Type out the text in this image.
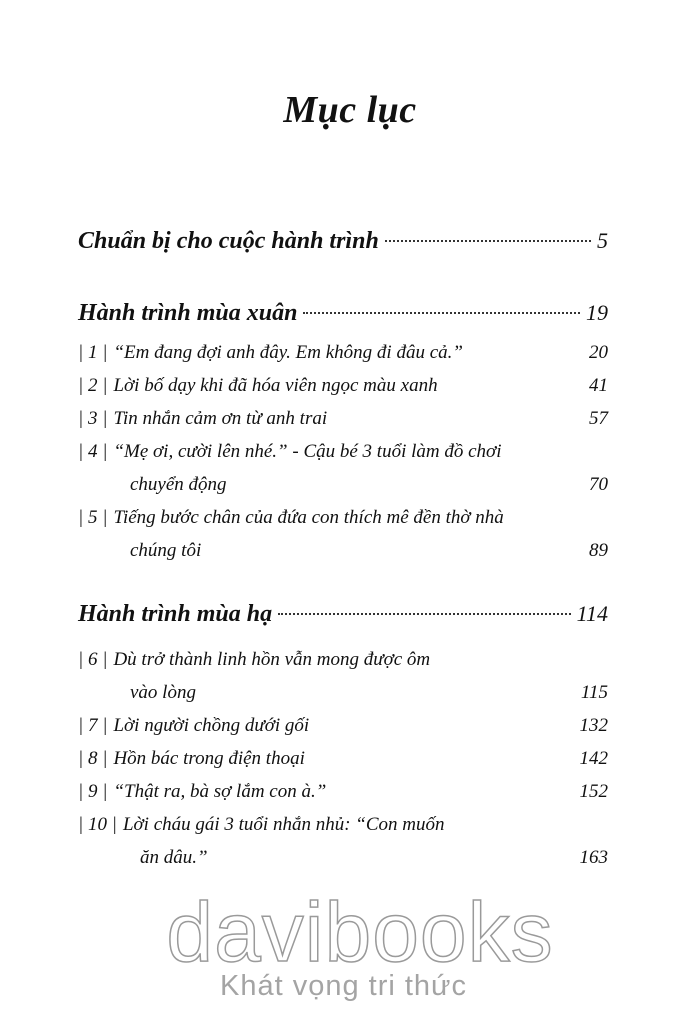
Mục lục
Chuẩn bị cho cuộc hành trình	5
Hành trình mùa xuân	19
| 1 | “Em đang đợi anh đây. Em không đi đâu cả.”	20
| 2 | Lời bố dạy khi đã hóa viên ngọc màu xanh	41
| 3 | Tin nhắn cảm ơn từ anh trai	57
| 4 | “Mẹ ơi, cười lên nhé.” - Cậu bé 3 tuổi làm đồ chơi
chuyển động	70
| 5 | Tiếng bước chân của đứa con thích mê đền thờ nhà
chúng tôi	89
Hành trình mùa hạ	114
| 6 | Dù trở thành linh hồn vẫn mong được ôm
vào lòng	115
| 7 | Lời người chồng dưới gối	132
| 8 | Hồn bác trong điện thoại	142
| 9 | “Thật ra, bà sợ lắm con à.”	152
| 10 | Lời cháu gái 3 tuổi nhắn nhủ: “Con muốn
ăn dâu.”	163
davibooks
Khát vọng tri thức
